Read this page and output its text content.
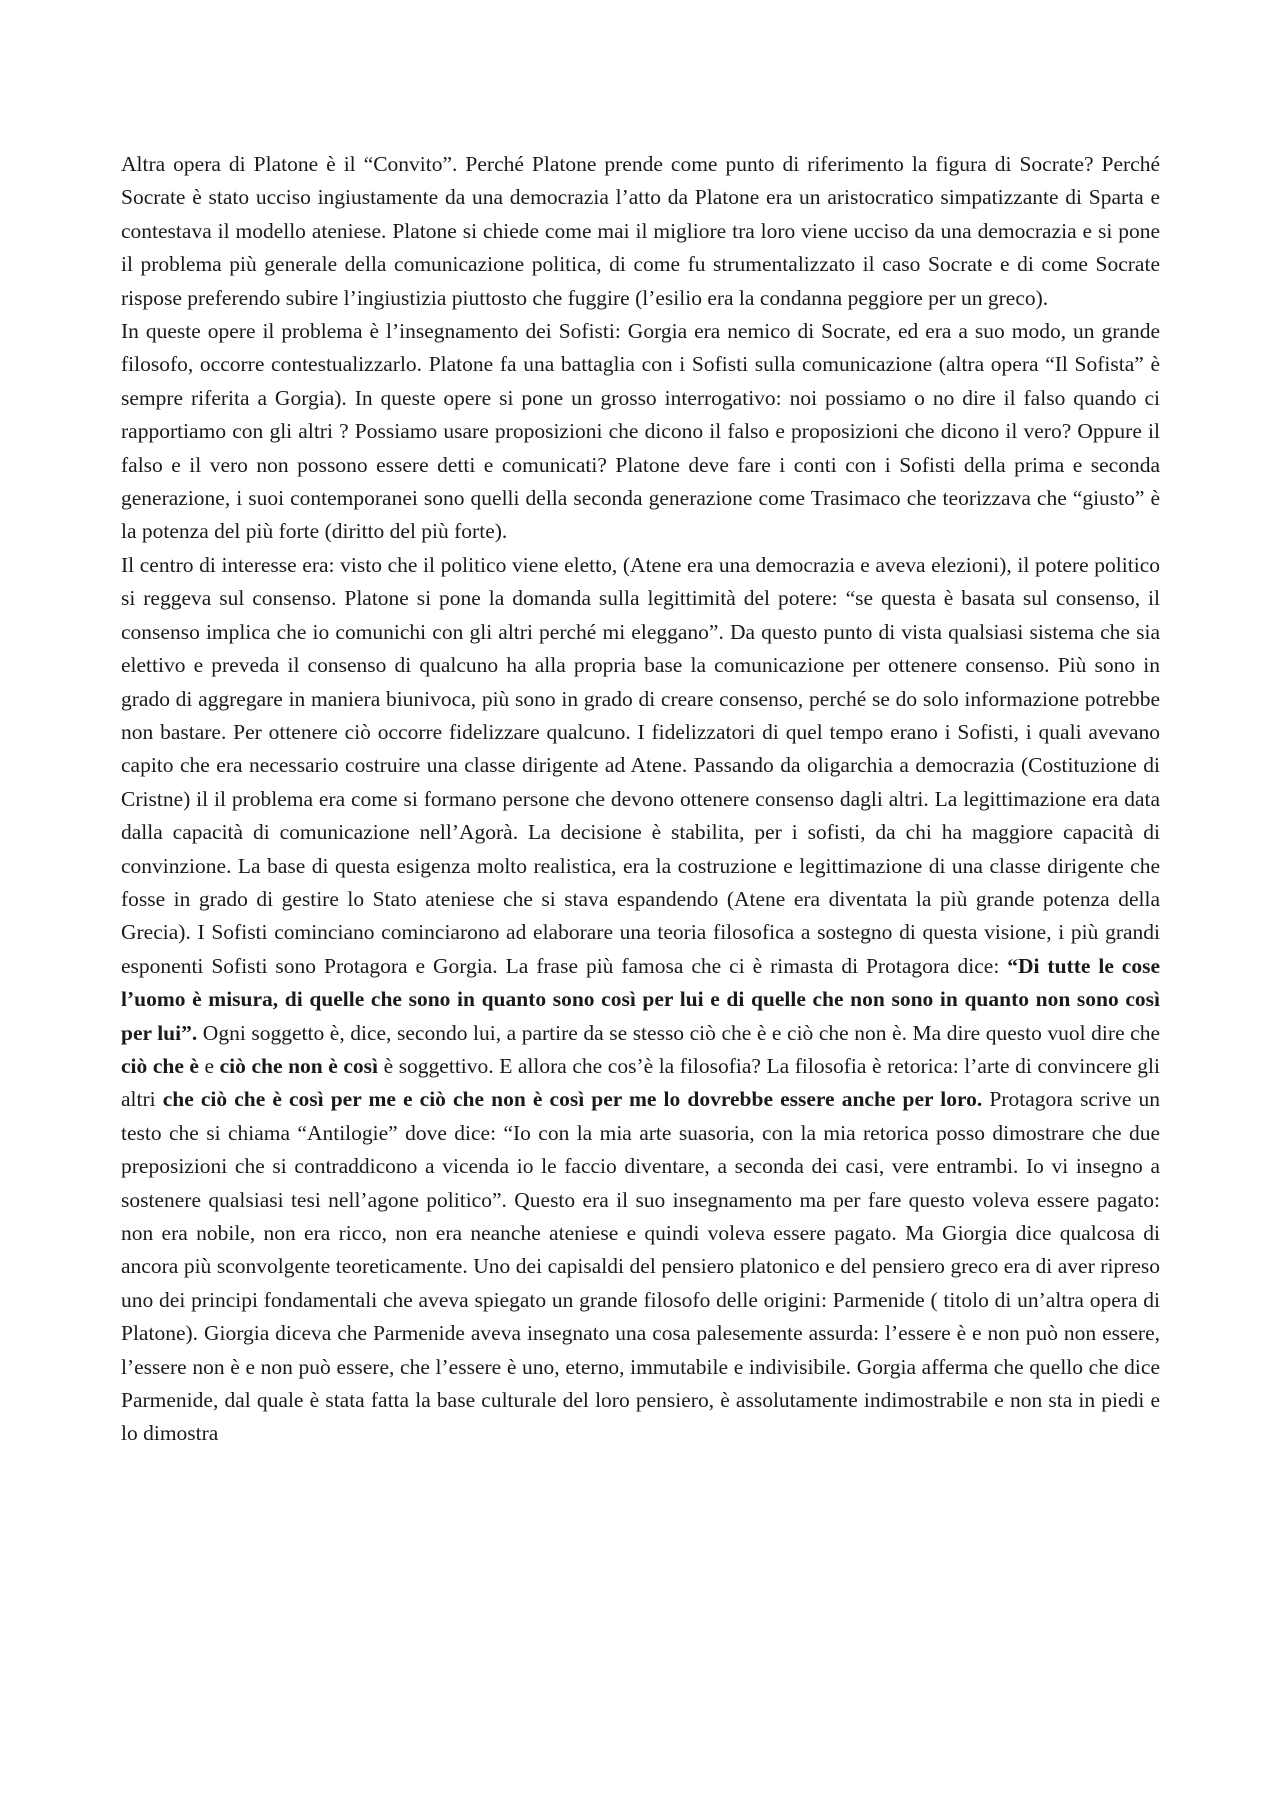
Altra opera di Platone è il “Convito”. Perché Platone prende come punto di riferimento la figura di Socrate? Perché Socrate è stato ucciso ingiustamente da una democrazia l’atto da Platone era un aristocratico simpatizzante di Sparta e contestava il modello ateniese. Platone si chiede come mai il migliore tra loro viene ucciso da una democrazia e si pone il problema più generale della comunicazione politica, di come fu strumentalizzato il caso Socrate e di come Socrate rispose preferendo subire l’ingiustizia piuttosto che fuggire (l’esilio era la condanna peggiore per un greco).

In queste opere il problema è l’insegnamento dei Sofisti: Gorgia era nemico di Socrate, ed era a suo modo, un grande filosofo, occorre contestualizzarlo. Platone fa una battaglia con i Sofisti sulla comunicazione (altra opera “Il Sofista” è sempre riferita a Gorgia). In queste opere si pone un grosso interrogativo: noi possiamo o no dire il falso quando ci rapportiamo con gli altri ? Possiamo usare proposizioni che dicono il falso e proposizioni che dicono il vero? Oppure il falso e il vero non possono essere detti e comunicati? Platone deve fare i conti con i Sofisti della prima e seconda generazione, i suoi contemporanei sono quelli della seconda generazione come Trasimaco che teorizzava che “giusto” è la potenza del più forte (diritto del più forte).

Il centro di interesse era: visto che il politico viene eletto, (Atene era una democrazia e aveva elezioni), il potere politico si reggeva sul consenso. Platone si pone la domanda sulla legittimità del potere: “se questa è basata sul consenso, il consenso implica che io comunichi con gli altri perché mi eleggano”. Da questo punto di vista qualsiasi sistema che sia elettivo e preveda il consenso di qualcuno ha alla propria base la comunicazione per ottenere consenso. Più sono in grado di aggregare in maniera biunivoca, più sono in grado di creare consenso, perché se do solo informazione potrebbe non bastare. Per ottenere ciò occorre fidelizzare qualcuno. I fidelizzatori di quel tempo erano i Sofisti, i quali avevano capito che era necessario costruire una classe dirigente ad Atene. Passando da oligarchia a democrazia (Costituzione di Cristne) il il problema era come si formano persone che devono ottenere consenso dagli altri. La legittimazione era data dalla capacità di comunicazione nell’Agorà. La decisione è stabilita, per i sofisti, da chi ha maggiore capacità di convinzione. La base di questa esigenza molto realistica, era la costruzione e legittimazione di una classe dirigente che fosse in grado di gestire lo Stato ateniese che si stava espandendo (Atene era diventata la più grande potenza della Grecia). I Sofisti cominciano cominciarono ad elaborare una teoria filosofica a sostegno di questa visione, i più grandi esponenti Sofisti sono Protagora e Gorgia. La frase più famosa che ci è rimasta di Protagora dice: “Di tutte le cose l’uomo è misura, di quelle che sono in quanto sono così per lui e di quelle che non sono in quanto non sono così per lui”. Ogni soggetto è, dice, secondo lui, a partire da se stesso ciò che è e ciò che non è. Ma dire questo vuol dire che ciò che è e ciò che non è così è soggettivo. E allora che cos’è la filosofia? La filosofia è retorica: l’arte di convincere gli altri che ciò che è così per me e ciò che non è così per me lo dovrebbe essere anche per loro. Protagora scrive un testo che si chiama “Antilogie” dove dice: “Io con la mia arte suasoria, con la mia retorica posso dimostrare che due preposizioni che si contraddicono a vicenda io le faccio diventare, a seconda dei casi, vere entrambi. Io vi insegno a sostenere qualsiasi tesi nell’agone politico”. Questo era il suo insegnamento ma per fare questo voleva essere pagato: non era nobile, non era ricco, non era neanche ateniese e quindi voleva essere pagato. Ma Giorgia dice qualcosa di ancora più sconvolgente teoreticamente. Uno dei capisaldi del pensiero platonico e del pensiero greco era di aver ripreso uno dei principi fondamentali che aveva spiegato un grande filosofo delle origini: Parmenide ( titolo di un’altra opera di Platone). Giorgia diceva che Parmenide aveva insegnato una cosa palesemente assurda: l’essere è e non può non essere, l’essere non è e non può essere, che l’essere è uno, eterno, immutabile e indivisibile. Gorgia afferma che quello che dice Parmenide, dal quale è stata fatta la base culturale del loro pensiero, è assolutamente indimostrabile e non sta in piedi e lo dimostra
